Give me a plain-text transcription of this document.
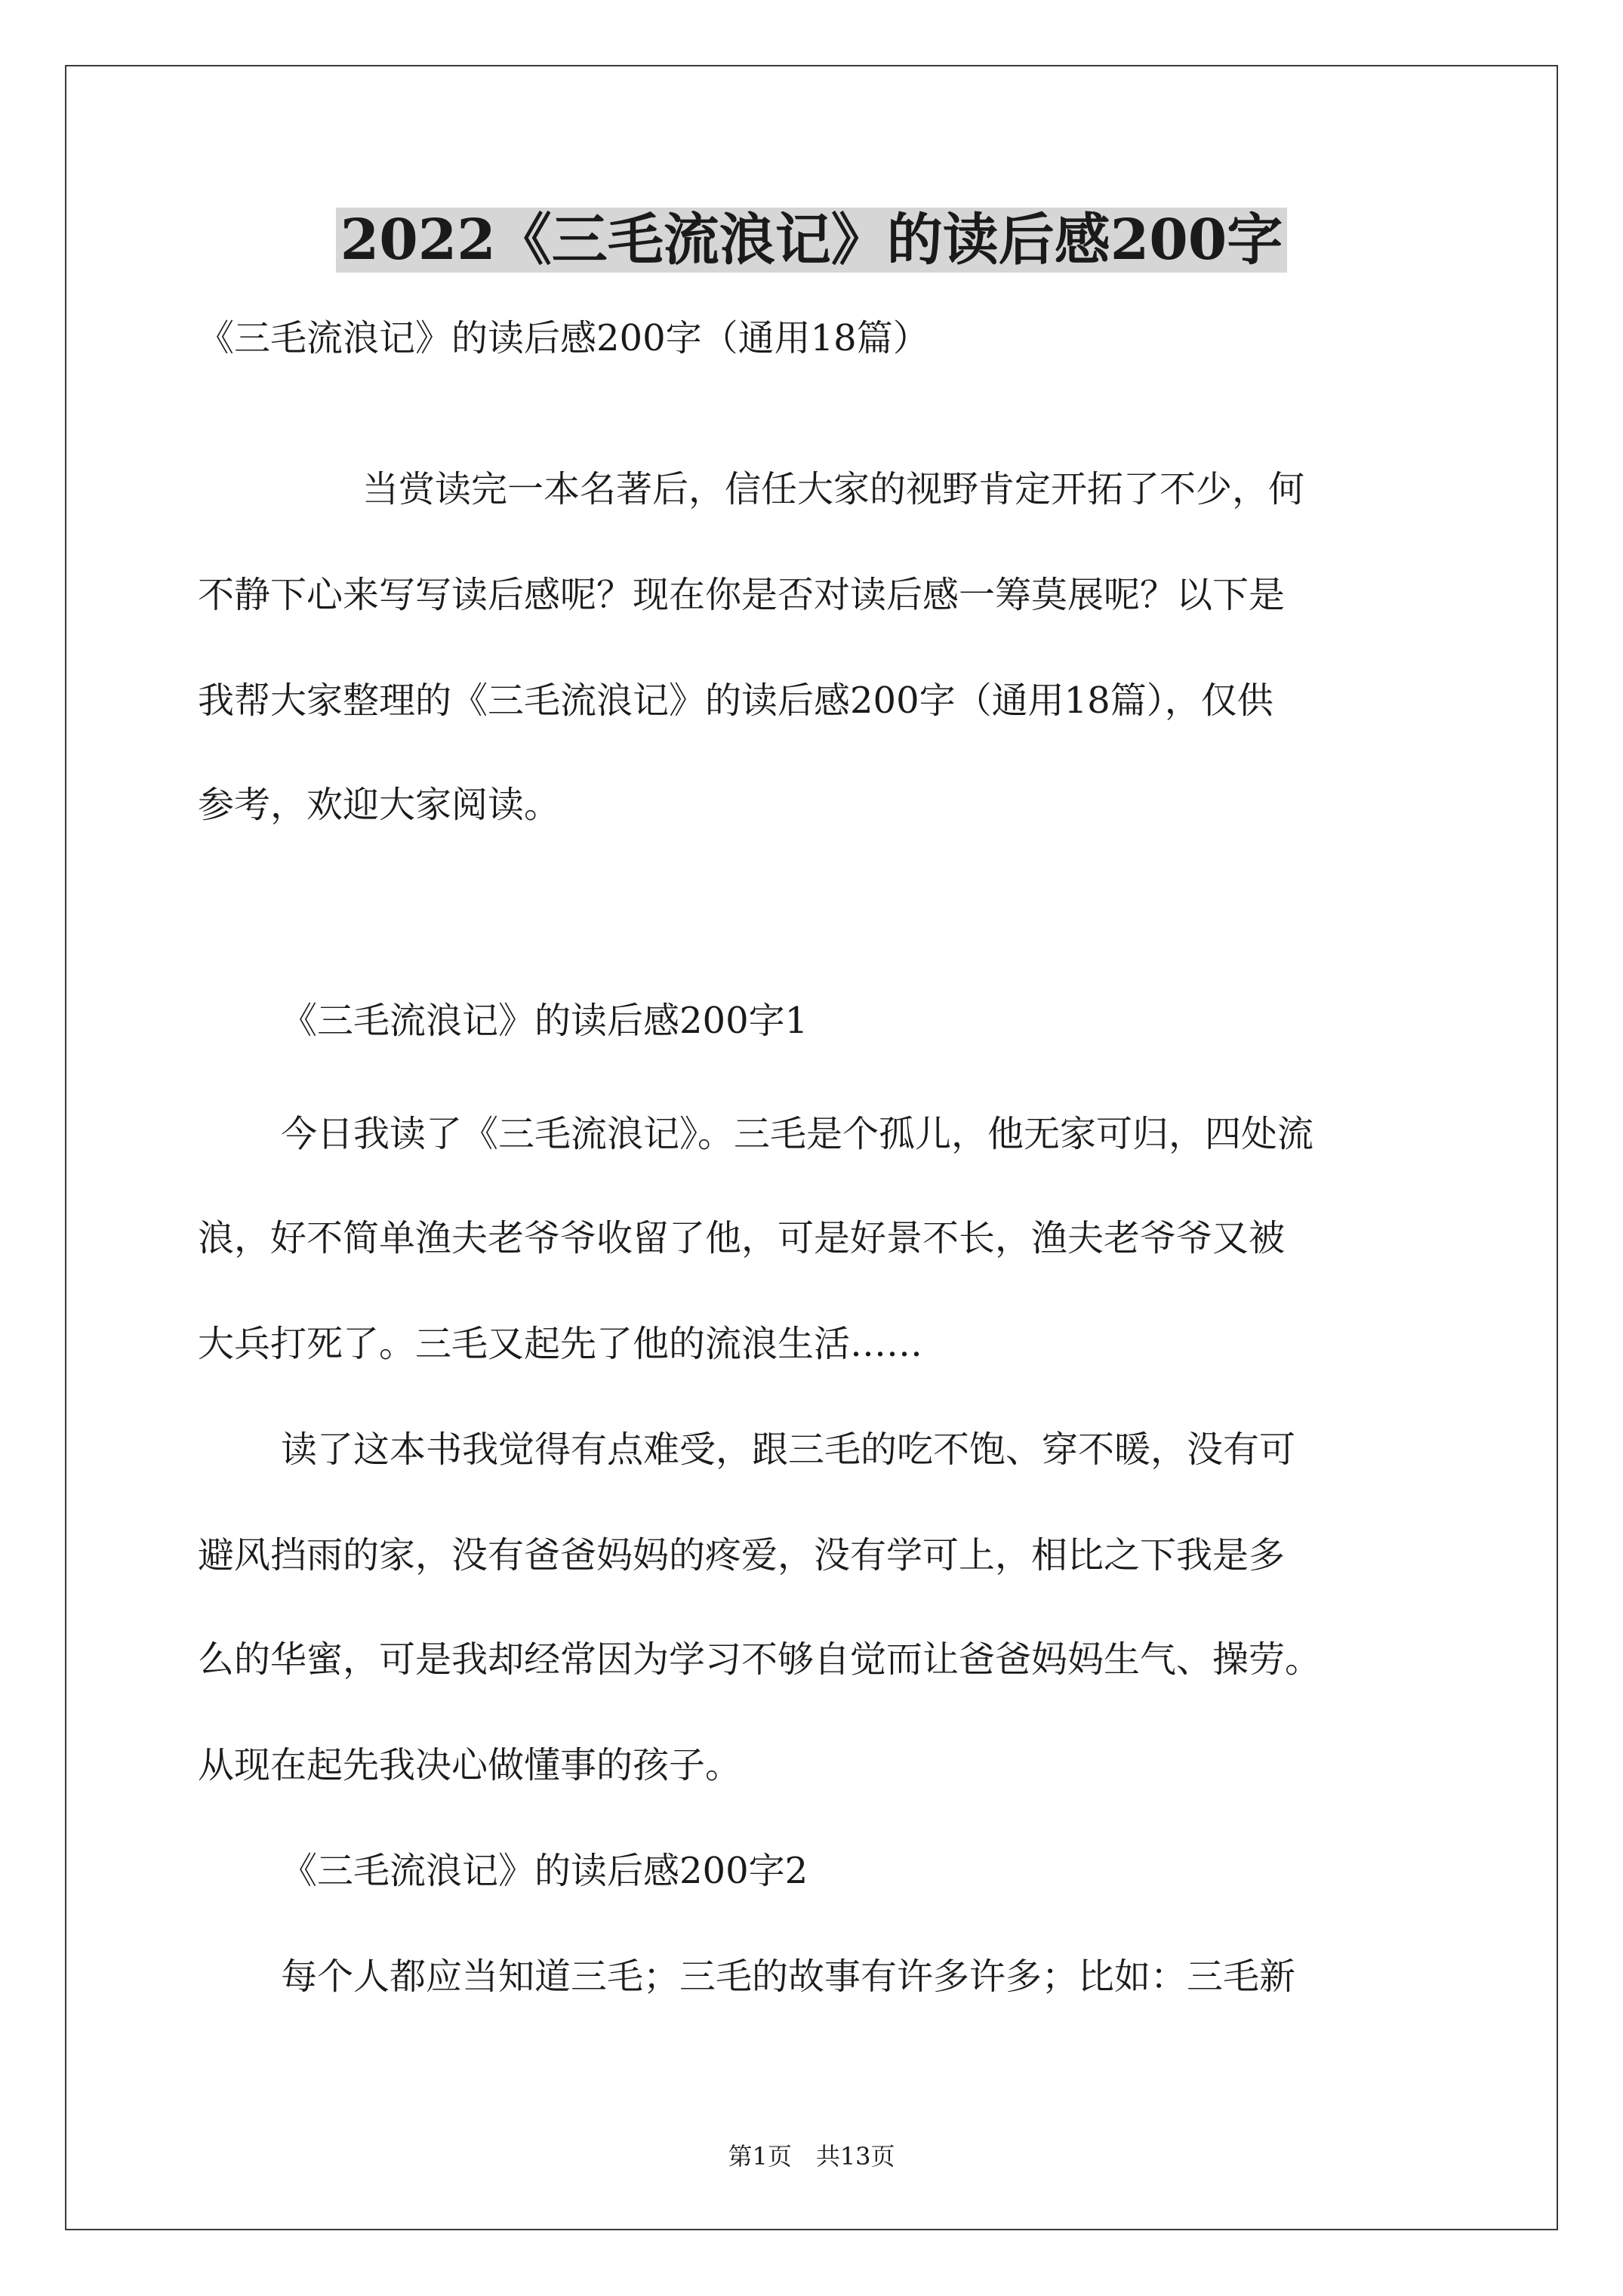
2022《三毛流浪记》的读后感200字

《三毛流浪记》的读后感200字（通用18篇）

当赏读完一本名著后，信任大家的视野肯定开拓了不少，何

不静下心来写写读后感呢？现在你是否对读后感一筹莫展呢？以下是

我帮大家整理的《三毛流浪记》的读后感200字（通用18篇），仅供

参考，欢迎大家阅读。

《三毛流浪记》的读后感200字1

今日我读了《三毛流浪记》。三毛是个孤儿，他无家可归，四处流

浪，好不简单渔夫老爷爷收留了他，可是好景不长，渔夫老爷爷又被

大兵打死了。三毛又起先了他的流浪生活……

读了这本书我觉得有点难受，跟三毛的吃不饱、穿不暖，没有可

避风挡雨的家，没有爸爸妈妈的疼爱，没有学可上，相比之下我是多

么的华蜜，可是我却经常因为学习不够自觉而让爸爸妈妈生气、操劳。

从现在起先我决心做懂事的孩子。

《三毛流浪记》的读后感200字2

每个人都应当知道三毛；三毛的故事有许多许多；比如：三毛新

第1页　共13页
